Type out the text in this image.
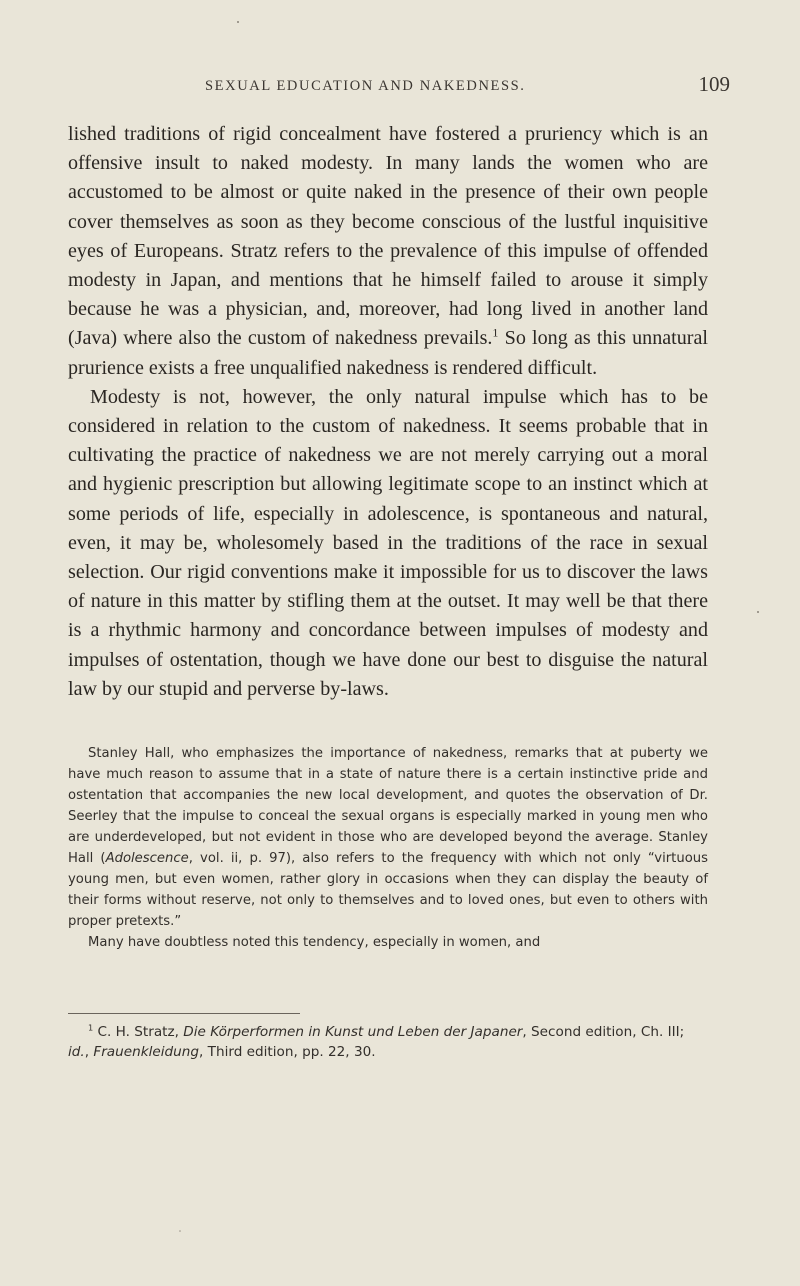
SEXUAL EDUCATION AND NAKEDNESS.	109

lished traditions of rigid concealment have fostered a pruriency which is an offensive insult to naked modesty. In many lands the women who are accustomed to be almost or quite naked in the presence of their own people cover themselves as soon as they become conscious of the lustful inquisitive eyes of Europeans. Stratz refers to the prevalence of this impulse of offended modesty in Japan, and mentions that he himself failed to arouse it simply because he was a physician, and, moreover, had long lived in another land (Java) where also the custom of nakedness prevails.$^1$ So long as this unnatural prurience exists a free unqualified nakedness is rendered difficult.

Modesty is not, however, the only natural impulse which has to be considered in relation to the custom of nakedness. It seems probable that in cultivating the practice of nakedness we are not merely carrying out a moral and hygienic prescription but allowing legitimate scope to an instinct which at some periods of life, especially in adolescence, is spontaneous and natural, even, it may be, wholesomely based in the traditions of the race in sexual selection. Our rigid conventions make it impossible for us to discover the laws of nature in this matter by stifling them at the outset. It may well be that there is a rhythmic harmony and concordance between impulses of modesty and impulses of ostentation, though we have done our best to disguise the natural law by our stupid and perverse by-laws.

Stanley Hall, who emphasizes the importance of nakedness, remarks that at puberty we have much reason to assume that in a state of nature there is a certain instinctive pride and ostentation that accompanies the new local development, and quotes the observation of Dr. Seerley that the impulse to conceal the sexual organs is especially marked in young men who are underdeveloped, but not evident in those who are developed beyond the average. Stanley Hall (Adolescence, vol. ii, p. 97), also refers to the frequency with which not only “virtuous young men, but even women, rather glory in occasions when they can display the beauty of their forms without reserve, not only to themselves and to loved ones, but even to others with proper pretexts.”

Many have doubtless noted this tendency, especially in women, and

$^1$ C. H. Stratz, Die Körperformen in Kunst und Leben der Japaner, Second edition, Ch. III; id., Frauenkleidung, Third edition, pp. 22, 30.
